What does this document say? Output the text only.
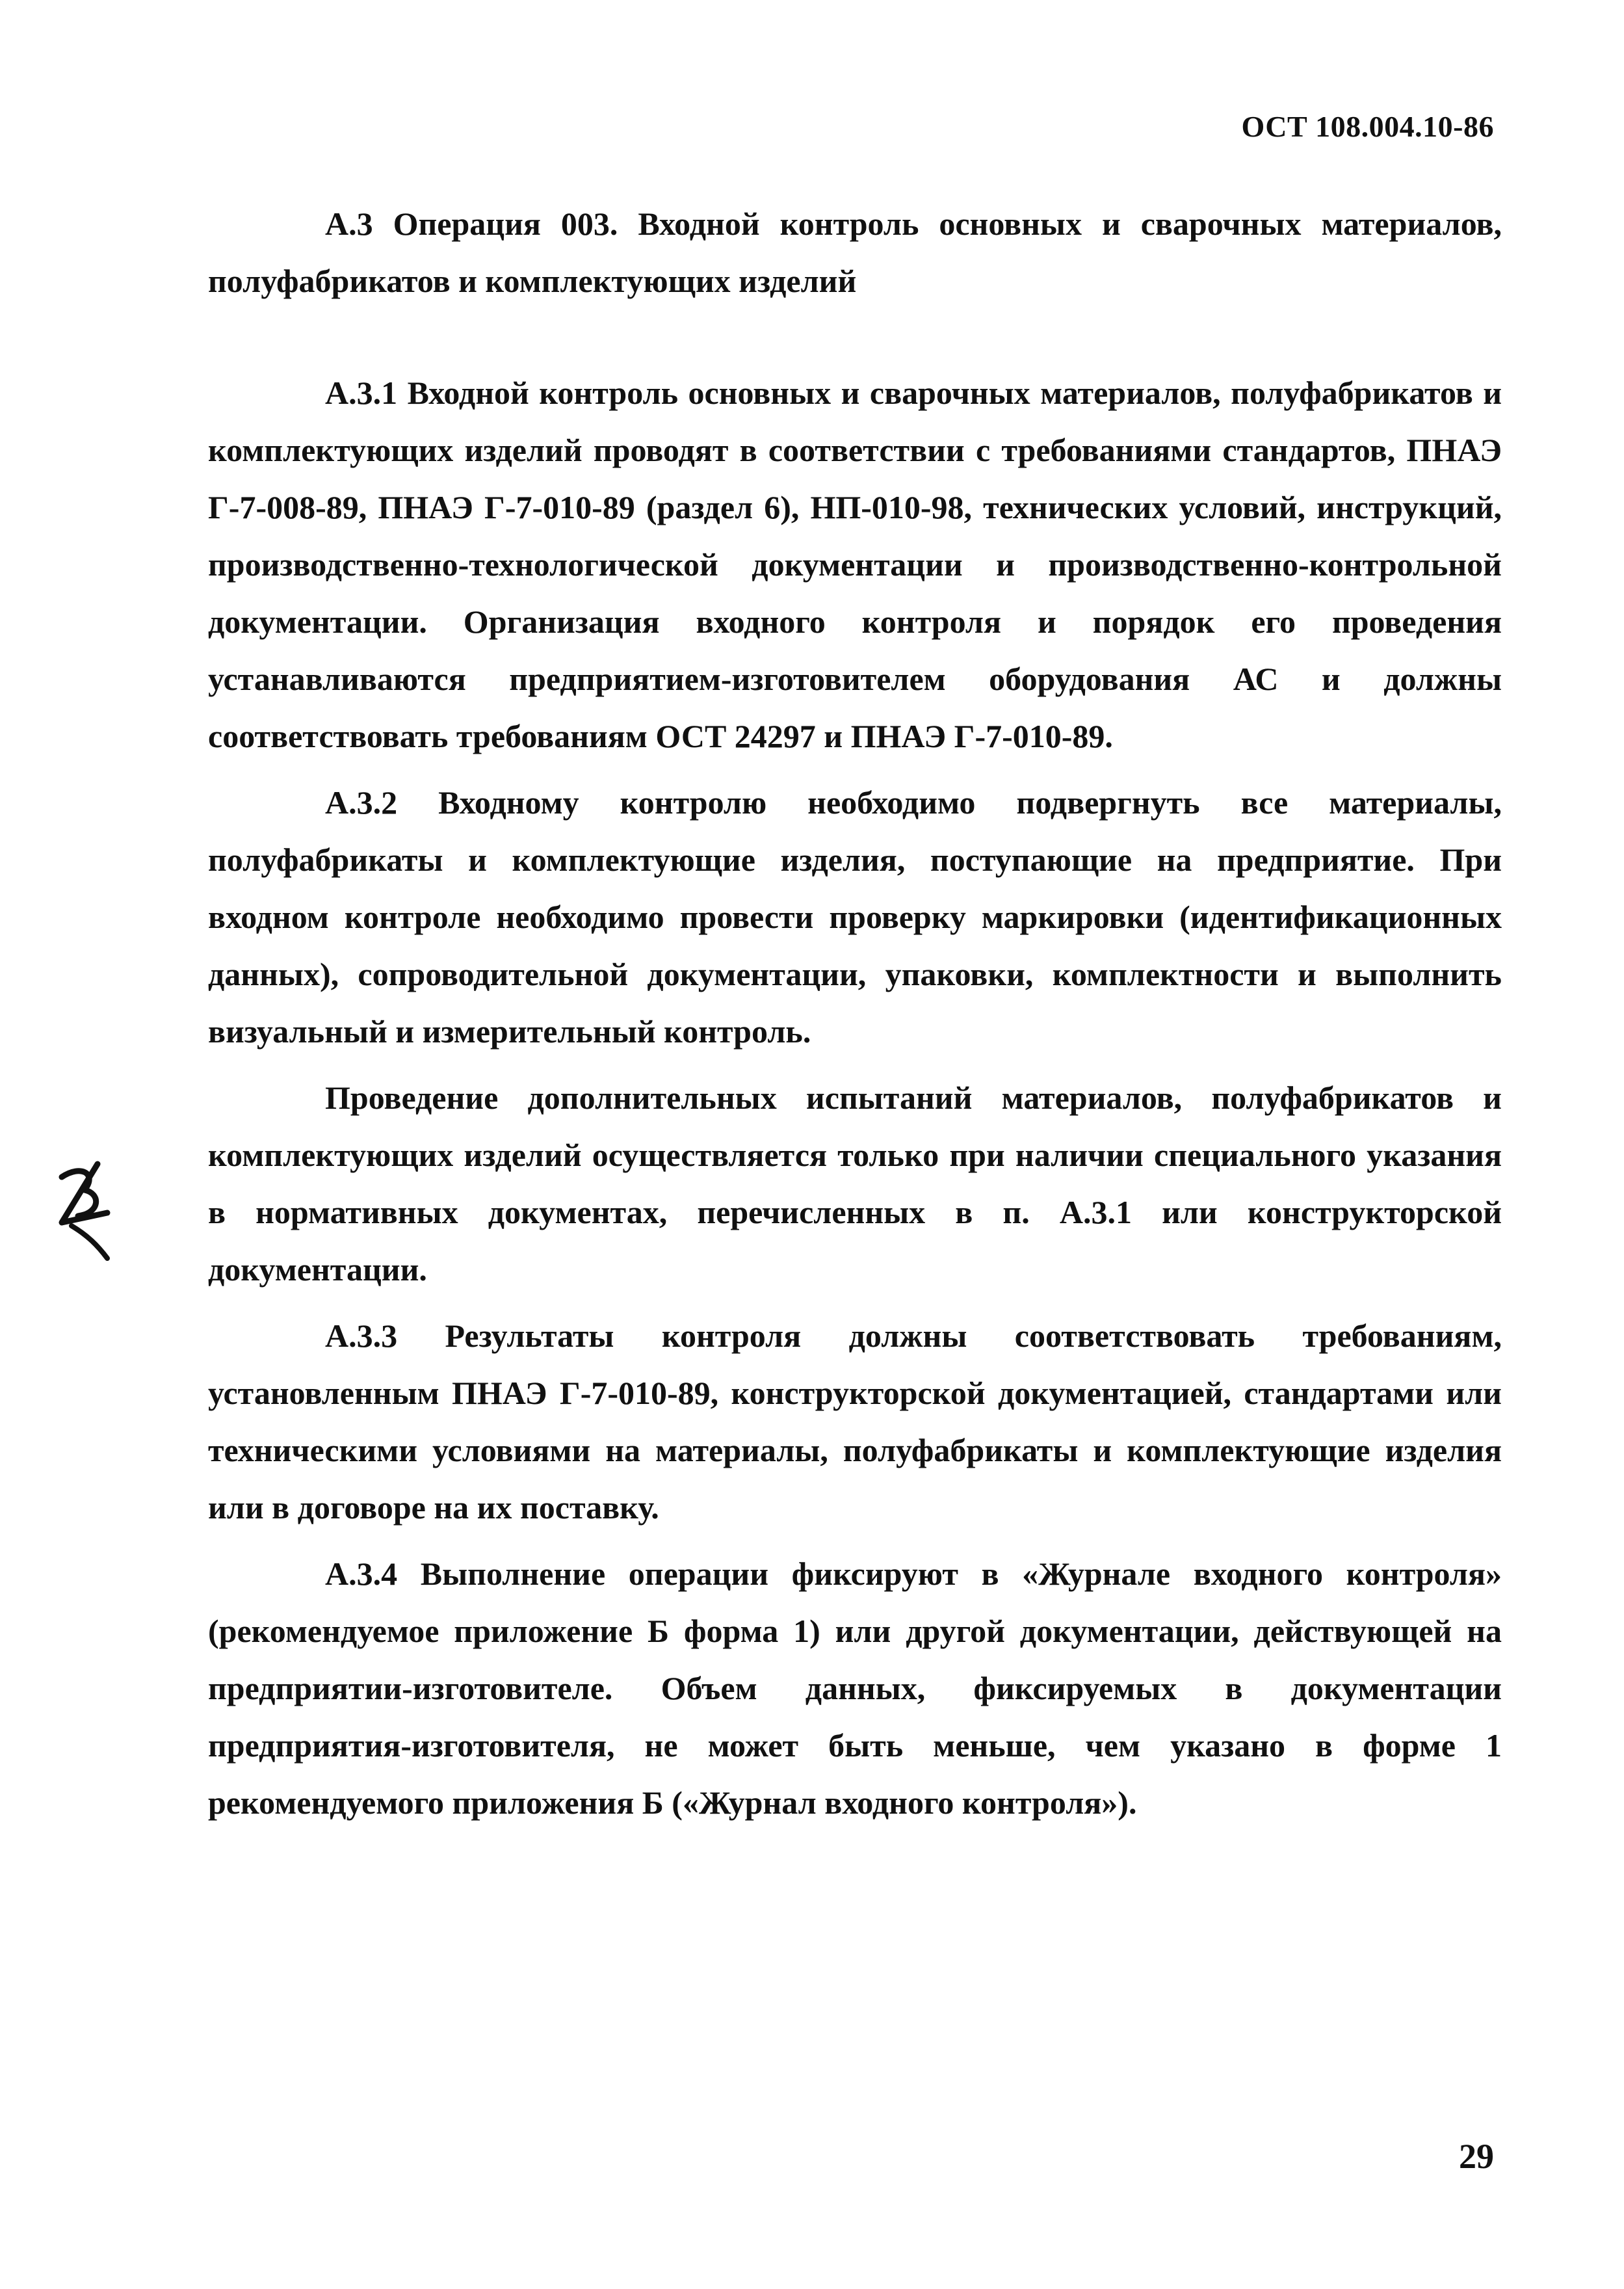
ОСТ 108.004.10-86

А.3 Операция 003. Входной контроль основных и сварочных материалов, полуфабрикатов и комплектующих изделий

А.3.1 Входной контроль основных и сварочных материалов, полуфабрикатов и комплектующих изделий проводят в соответствии с требованиями стандартов, ПНАЭ Г-7-008-89, ПНАЭ Г-7-010-89 (раздел 6), НП-010-98, технических условий, инструкций, производственно-технологической документации и производственно-контрольной документации. Организация входного контроля и порядок его проведения устанавливаются предприятием-изготовителем оборудования АС и должны соответствовать требованиям ОСТ 24297 и ПНАЭ Г-7-010-89.

А.3.2 Входному контролю необходимо подвергнуть все материалы, полуфабрикаты и комплектующие изделия, поступающие на предприятие. При входном контроле необходимо провести проверку маркировки (идентификационных данных), сопроводительной документации, упаковки, комплектности и выполнить визуальный и измерительный контроль.

Проведение дополнительных испытаний материалов, полуфабрикатов и комплектующих изделий осуществляется только при наличии специального указания в нормативных документах, перечисленных в п. А.3.1 или конструкторской документации.

А.3.3 Результаты контроля должны соответствовать требованиям, установленным ПНАЭ Г-7-010-89, конструкторской документацией, стандартами или техническими условиями на материалы, полуфабрикаты и комплектующие изделия или в договоре на их поставку.

А.3.4 Выполнение операции фиксируют в «Журнале входного контроля» (рекомендуемое приложение Б форма 1) или другой документации, действующей на предприятии-изготовителе. Объем данных, фиксируемых в документации предприятия-изготовителя, не может быть меньше, чем указано в форме 1 рекомендуемого приложения Б («Журнал входного контроля»).

29
